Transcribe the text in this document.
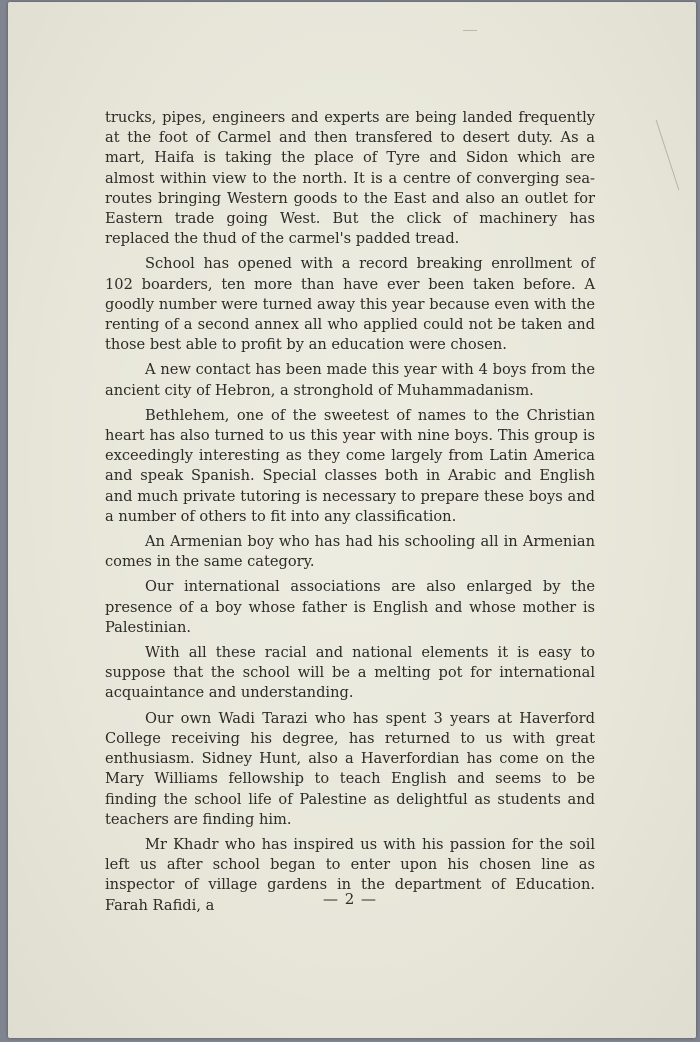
trucks, pipes, engineers and experts are being landed frequently at the foot of Carmel and then transfered to desert duty. As a mart, Haifa is taking the place of Tyre and Sidon which are almost within view to the north. It is a centre of converging sea-routes bringing Western goods to the East and also an outlet for Eastern trade going West. But the click of machinery has replaced the thud of the carmel's padded tread.

School has opened with a record breaking enrollment of 102 boarders, ten more than have ever been taken before. A goodly number were turned away this year because even with the renting of a second annex all who applied could not be taken and those best able to profit by an education were chosen.

A new contact has been made this year with 4 boys from the ancient city of Hebron, a stronghold of Muhammadanism.

Bethlehem, one of the sweetest of names to the Christian heart has also turned to us this year with nine boys. This group is exceedingly interesting as they come largely from Latin America and speak Spanish. Special classes both in Arabic and English and much private tutoring is necessary to prepare these boys and a number of others to fit into any classification.

An Armenian boy who has had his schooling all in Armenian comes in the same category.

Our international associations are also enlarged by the presence of a boy whose father is English and whose mother is Palestinian.

With all these racial and national elements it is easy to suppose that the school will be a melting pot for international acquaintance and understanding.

Our own Wadi Tarazi who has spent 3 years at Haverford College receiving his degree, has returned to us with great enthusiasm. Sidney Hunt, also a Haverfordian has come on the Mary Williams fellowship to teach English and seems to be finding the school life of Palestine as delightful as students and teachers are finding him.

Mr Khadr who has inspired us with his passion for the soil left us after school began to enter upon his chosen line as inspector of village gardens in the department of Education. Farah Rafidi, a	— 2 —
